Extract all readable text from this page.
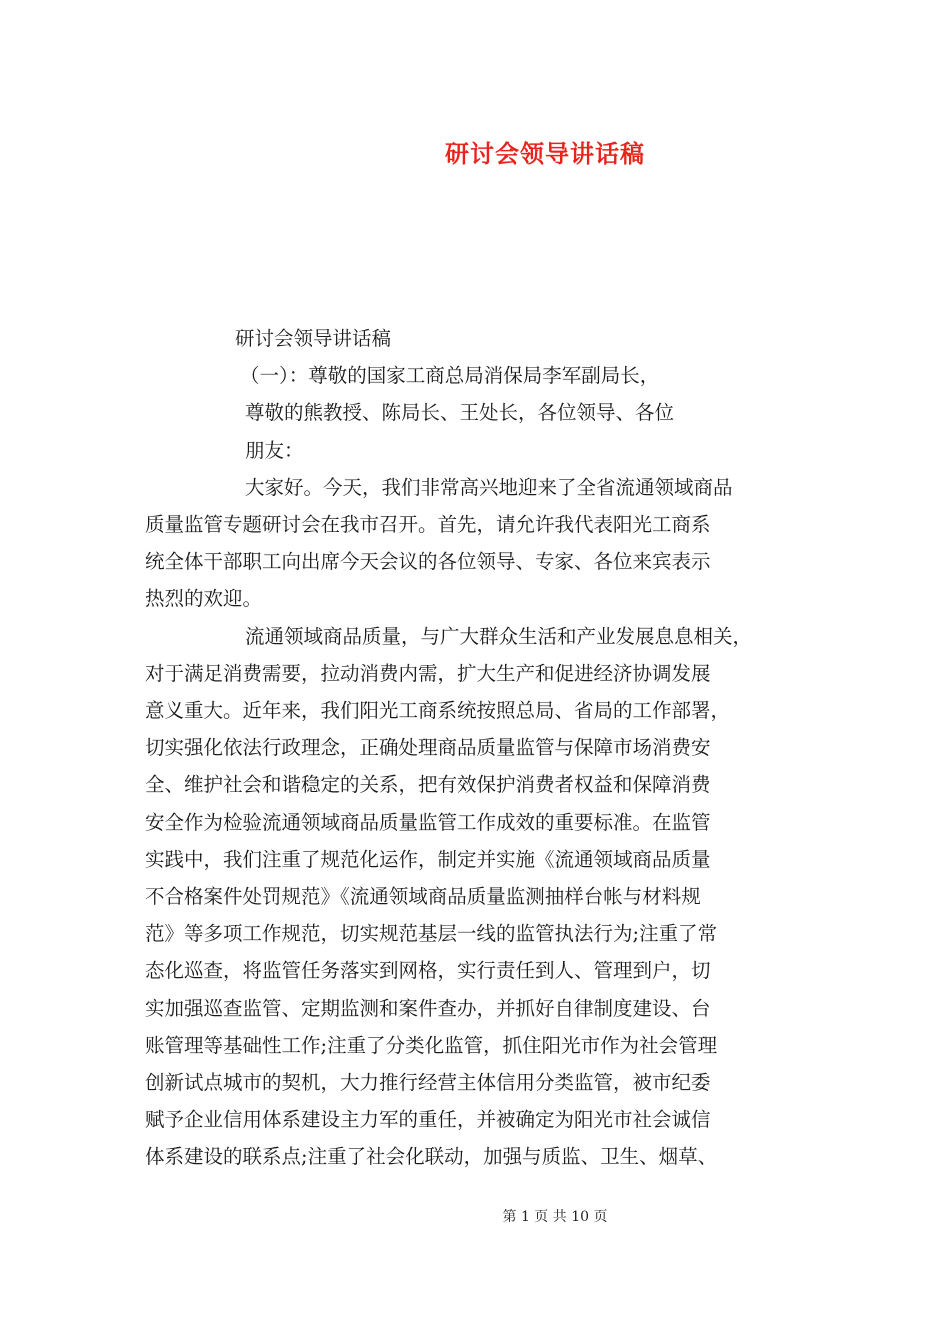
研讨会领导讲话稿
研讨会领导讲话稿
（一）：尊敬的国家工商总局消保局李军副局长，
尊敬的熊教授、陈局长、王处长，各位领导、各位
朋友：
大家好。今天，我们非常高兴地迎来了全省流通领域商品
质量监管专题研讨会在我市召开。首先，请允许我代表阳光工商系
统全体干部职工向出席今天会议的各位领导、专家、各位来宾表示
热烈的欢迎。
流通领域商品质量，与广大群众生活和产业发展息息相关，
对于满足消费需要，拉动消费内需，扩大生产和促进经济协调发展
意义重大。近年来，我们阳光工商系统按照总局、省局的工作部署，
切实强化依法行政理念，正确处理商品质量监管与保障市场消费安
全、维护社会和谐稳定的关系，把有效保护消费者权益和保障消费
安全作为检验流通领域商品质量监管工作成效的重要标准。在监管
实践中，我们注重了规范化运作，制定并实施《流通领域商品质量
不合格案件处罚规范》《流通领域商品质量监测抽样台帐与材料规
范》等多项工作规范，切实规范基层一线的监管执法行为;注重了常
态化巡查，将监管任务落实到网格，实行责任到人、管理到户，切
实加强巡查监管、定期监测和案件查办，并抓好自律制度建设、台
账管理等基础性工作;注重了分类化监管，抓住阳光市作为社会管理
创新试点城市的契机，大力推行经营主体信用分类监管，被市纪委
赋予企业信用体系建设主力军的重任，并被确定为阳光市社会诚信
体系建设的联系点;注重了社会化联动，加强与质监、卫生、烟草、
第 1 页 共 10 页
